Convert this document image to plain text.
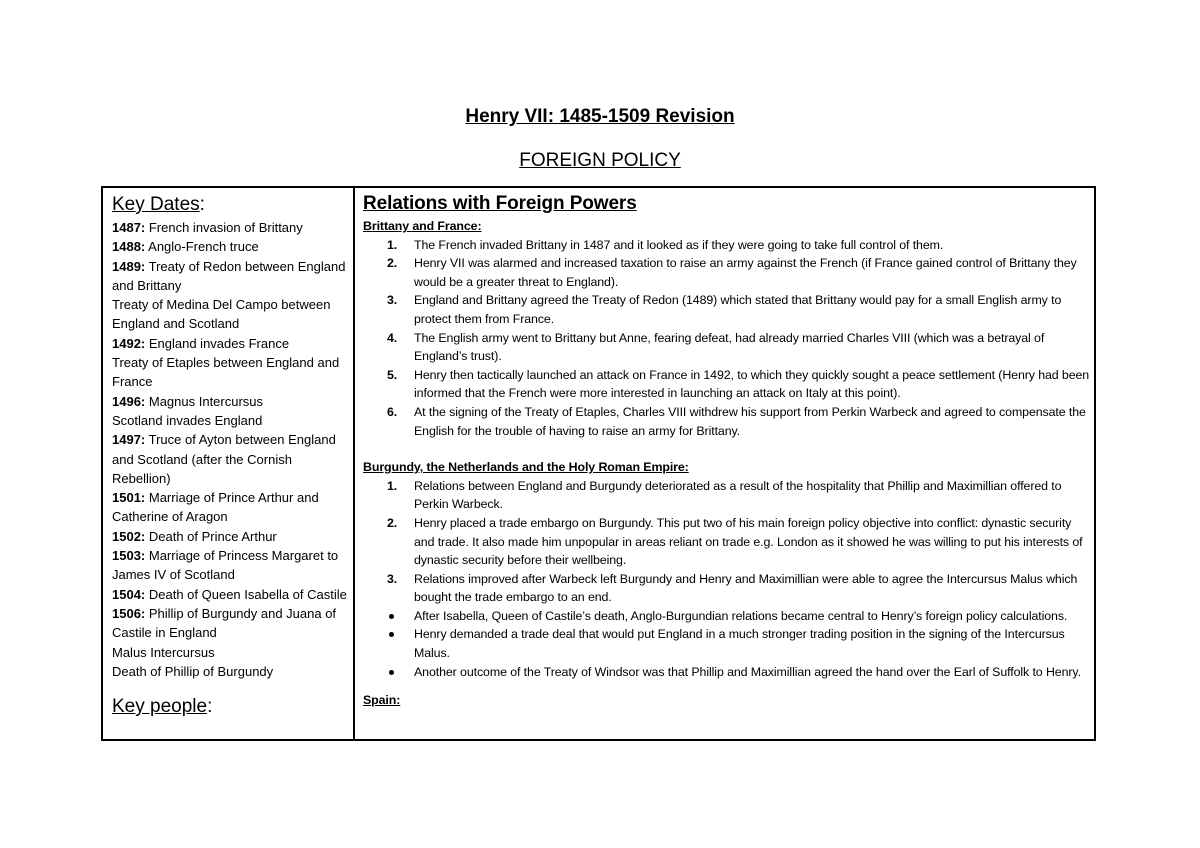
Henry VII: 1485-1509 Revision
FOREIGN POLICY
Key Dates:
1487: French invasion of Brittany
1488: Anglo-French truce
1489: Treaty of Redon between England and Brittany
Treaty of Medina Del Campo between England and Scotland
1492: England invades France
Treaty of Etaples between England and France
1496: Magnus Intercursus
Scotland invades England
1497: Truce of Ayton between England and Scotland (after the Cornish Rebellion)
1501: Marriage of Prince Arthur and Catherine of Aragon
1502: Death of Prince Arthur
1503: Marriage of Princess Margaret to James IV of Scotland
1504: Death of Queen Isabella of Castile
1506: Phillip of Burgundy and Juana of Castile in England
Malus Intercursus
Death of Phillip of Burgundy
Key people:
Relations with Foreign Powers
Brittany and France:
1. The French invaded Brittany in 1487 and it looked as if they were going to take full control of them.
2. Henry VII was alarmed and increased taxation to raise an army against the French (if France gained control of Brittany they would be a greater threat to England).
3. England and Brittany agreed the Treaty of Redon (1489) which stated that Brittany would pay for a small English army to protect them from France.
4. The English army went to Brittany but Anne, fearing defeat, had already married Charles VIII (which was a betrayal of England’s trust).
5. Henry then tactically launched an attack on France in 1492, to which they quickly sought a peace settlement (Henry had been informed that the French were more interested in launching an attack on Italy at this point).
6. At the signing of the Treaty of Etaples, Charles VIII withdrew his support from Perkin Warbeck and agreed to compensate the English for the trouble of having to raise an army for Brittany.
Burgundy, the Netherlands and the Holy Roman Empire:
1. Relations between England and Burgundy deteriorated as a result of the hospitality that Phillip and Maximillian offered to Perkin Warbeck.
2. Henry placed a trade embargo on Burgundy. This put two of his main foreign policy objective into conflict: dynastic security and trade. It also made him unpopular in areas reliant on trade e.g. London as it showed he was willing to put his interests of dynastic security before their wellbeing.
3. Relations improved after Warbeck left Burgundy and Henry and Maximillian were able to agree the Intercursus Malus which bought the trade embargo to an end.
After Isabella, Queen of Castile’s death, Anglo-Burgundian relations became central to Henry’s foreign policy calculations.
Henry demanded a trade deal that would put England in a much stronger trading position in the signing of the Intercursus Malus.
Another outcome of the Treaty of Windsor was that Phillip and Maximillian agreed the hand over the Earl of Suffolk to Henry.
Spain:
